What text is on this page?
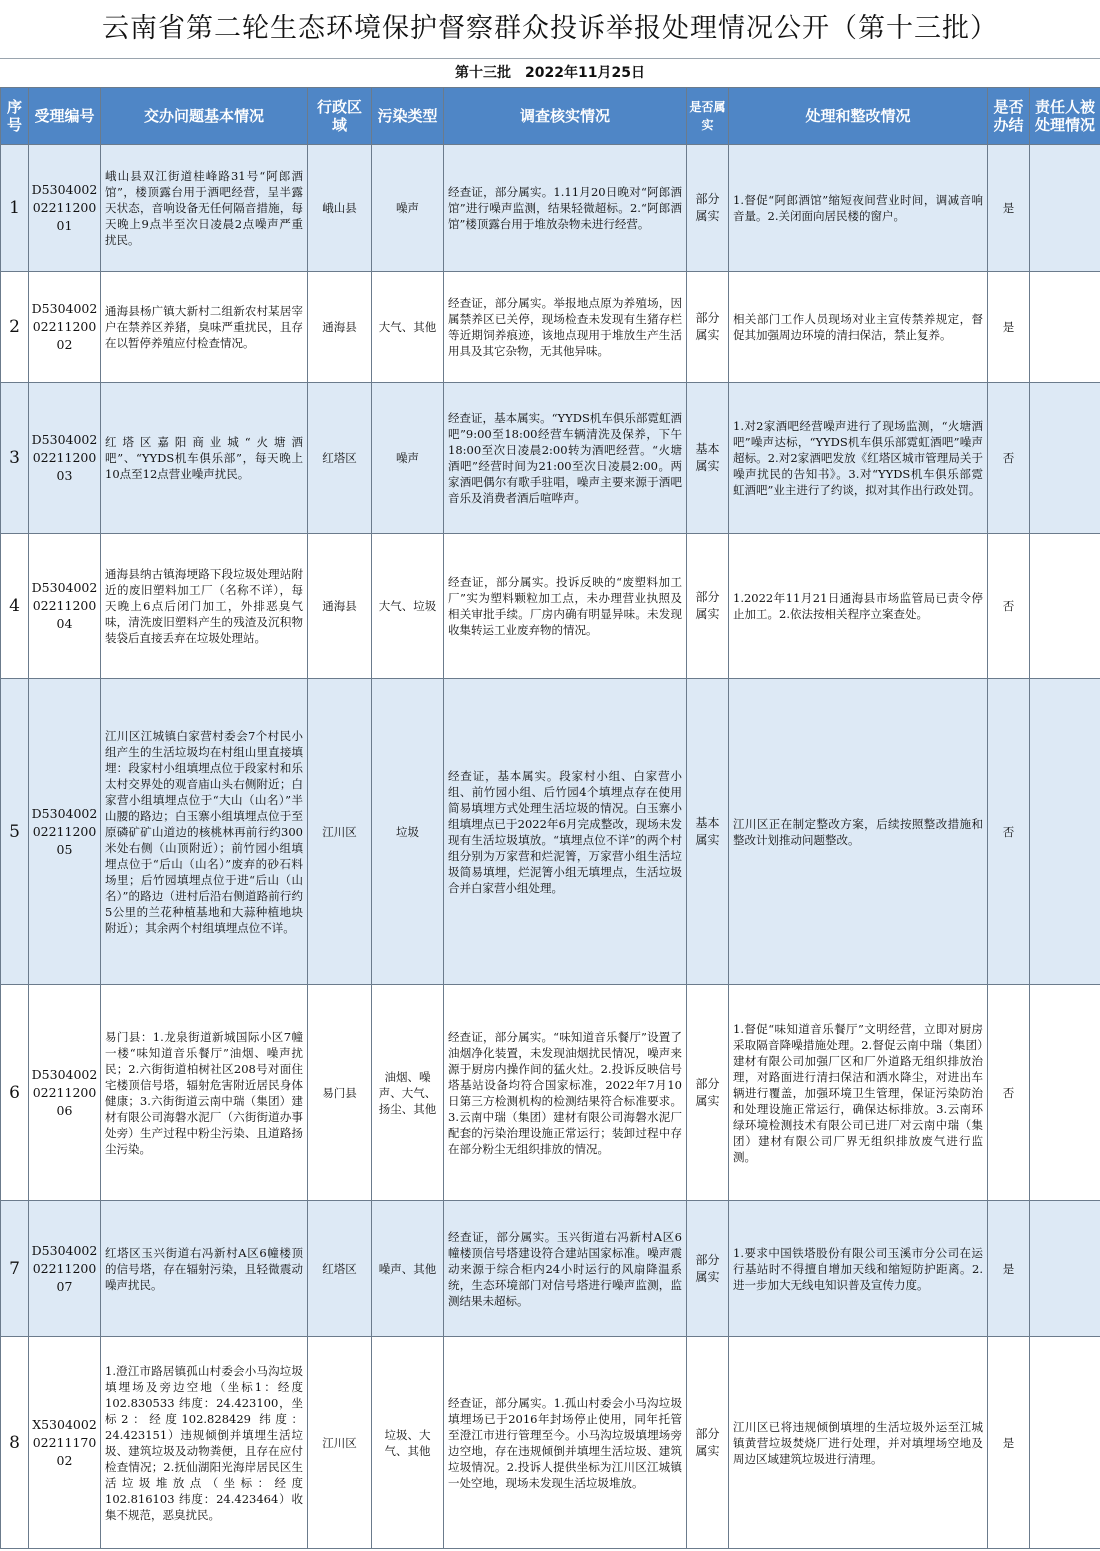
云南省第二轮生态环境保护督察群众投诉举报处理情况公开（第十三批）
第十三批　2022年11月25日
序号	受理编号	交办问题基本情况	行政区域	污染类型	调查核实情况	是否属实	处理和整改情况	是否办结	责任人被处理情况
1	D530400202211200 01	峨山县双江街道桂峰路31号“阿郎酒馆”，楼顶露台用于酒吧经营，呈半露天状态，音响设备无任何隔音措施，每天晚上9点半至次日凌晨2点噪声严重扰民。	峨山县	噪声	经查证，部分属实。1.11月20日晚对“阿郎酒馆”进行噪声监测，结果轻微超标。2.“阿郎酒馆”楼顶露台用于堆放杂物未进行经营。	部分属实	1.督促“阿郎酒馆”缩短夜间营业时间，调减音响音量。2.关闭面向居民楼的窗户。	是	
2	D530400202211200 02	通海县杨广镇大新村二组新农村某居宰户在禁养区养猪，臭味严重扰民，且存在以暂停养殖应付检查情况。	通海县	大气、其他	经查证，部分属实。举报地点原为养殖场，因属禁养区已关停，现场检查未发现有生猪存栏等近期饲养痕迹，该地点现用于堆放生产生活用具及其它杂物，无其他异味。	部分属实	相关部门工作人员现场对业主宣传禁养规定，督促其加强周边环境的清扫保洁，禁止复养。	是	
3	D530400202211200 03	红塔区嘉阳商业城“火塘酒吧”、“YYDS机车俱乐部”，每天晚上10点至12点营业噪声扰民。	红塔区	噪声	经查证，基本属实。“YYDS机车俱乐部霓虹酒吧”9:00至18:00经营车辆清洗及保养，下午18:00至次日凌晨2:00转为酒吧经营。“火塘酒吧”经营时间为21:00至次日凌晨2:00。两家酒吧偶尔有歌手驻唱，噪声主要来源于酒吧音乐及消费者酒后喧哗声。	基本属实	1.对2家酒吧经营噪声进行了现场监测，“火塘酒吧”噪声达标，“YYDS机车俱乐部霓虹酒吧”噪声超标。2.对2家酒吧发放《红塔区城市管理局关于噪声扰民的告知书》。3.对“YYDS机车俱乐部霓虹酒吧”业主进行了约谈，拟对其作出行政处罚。	否	
4	D530400202211200 04	通海县纳古镇海埂路下段垃圾处理站附近的废旧塑料加工厂（名称不详），每天晚上6点后闭门加工，外排恶臭气味，清洗废旧塑料产生的残渣及沉积物装袋后直接丢弃在垃圾处理站。	通海县	大气、垃圾	经查证，部分属实。投诉反映的“废塑料加工厂”实为塑料颗粒加工点，未办理营业执照及相关审批手续。厂房内确有明显异味。未发现收集转运工业废弃物的情况。	部分属实	1.2022年11月21日通海县市场监管局已责令停止加工。2.依法按相关程序立案查处。	否	
5	D530400202211200 05	江川区江城镇白家营村委会7个村民小组产生的生活垃圾均在村组山里直接填埋：段家村小组填埋点位于段家村和乐太村交界处的观音庙山头右侧附近；白家营小组填埋点位于“大山（山名）”半山腰的路边；白玉寨小组填埋点位于至原磷矿矿山道边的核桃林再前行约300米处右侧（山顶附近）；前竹园小组填埋点位于“后山（山名）”废弃的砂石料场里；后竹园填埋点位于进“后山（山名）”的路边（进村后沿右侧道路前行约5公里的兰花种植基地和大蒜种植地块附近）；其余两个村组填埋点位不详。	江川区	垃圾	经查证，基本属实。段家村小组、白家营小组、前竹园小组、后竹园4个填埋点存在使用简易填埋方式处理生活垃圾的情况。白玉寨小组填埋点已于2022年6月完成整改，现场未发现有生活垃圾填放。“填埋点位不详”的两个村组分别为万家营和烂泥箐，万家营小组生活垃圾简易填埋，烂泥箐小组无填埋点，生活垃圾合并白家营小组处理。	基本属实	江川区正在制定整改方案，后续按照整改措施和整改计划推动问题整改。	否	
6	D530400202211200 06	易门县：1.龙泉街道新城国际小区7幢一楼“味知道音乐餐厅”油烟、噪声扰民；2.六街街道柏树社区208号对面住宅楼顶信号塔，辐射危害附近居民身体健康；3.六街街道云南中瑞（集团）建材有限公司海磐水泥厂（六街街道办事处旁）生产过程中粉尘污染、且道路扬尘污染。	易门县	油烟、噪声、大气、扬尘、其他	经查证，部分属实。“味知道音乐餐厅”设置了油烟净化装置，未发现油烟扰民情况，噪声来源于厨房内操作间的猛火灶。2.投诉反映信号塔基站设备均符合国家标准，2022年7月10日第三方检测机构的检测结果符合标准要求。3.云南中瑞（集团）建材有限公司海磐水泥厂配套的污染治理设施正常运行；装卸过程中存在部分粉尘无组织排放的情况。	部分属实	1.督促“味知道音乐餐厅”文明经营，立即对厨房采取隔音降噪措施处理。2.督促云南中瑞（集团）建材有限公司加强厂区和厂外道路无组织排放治理，对路面进行清扫保洁和洒水降尘，对进出车辆进行覆盖，加强环境卫生管理，保证污染防治和处理设施正常运行，确保达标排放。3.云南环绿环境检测技术有限公司已进厂对云南中瑞（集团）建材有限公司厂界无组织排放废气进行监测。	否	
7	D530400202211200 07	红塔区玉兴街道右冯新村A区6幢楼顶的信号塔，存在辐射污染，且轻微震动噪声扰民。	红塔区	噪声、其他	经查证，部分属实。玉兴街道右冯新村A区6幢楼顶信号塔建设符合建站国家标准。噪声震动来源于综合柜内24小时运行的风扇降温系统，生态环境部门对信号塔进行噪声监测，监测结果未超标。	部分属实	1.要求中国铁塔股份有限公司玉溪市分公司在运行基站时不得擅自增加天线和缩短防护距离。2.进一步加大无线电知识普及宣传力度。	是	
8	X530400202211170 02	1.澄江市路居镇孤山村委会小马沟垃圾填埋场及旁边空地（坐标1：经度102.830533 纬度：24.423100，坐标2：经度102.828429 纬度：24.423151）违规倾倒并填埋生活垃圾、建筑垃圾及动物粪便，且存在应付检查情况；2.抚仙湖阳光海岸居民区生活垃圾堆放点（坐标：经度102.816103 纬度：24.423464）收集不规范，恶臭扰民。	江川区	垃圾、大气、其他	经查证，部分属实。1.孤山村委会小马沟垃圾填埋场已于2016年封场停止使用，同年托管至澄江市进行管理至今。小马沟垃圾填埋场旁边空地，存在违规倾倒并填埋生活垃圾、建筑垃圾情况。2.投诉人提供坐标为江川区江城镇一处空地，现场未发现生活垃圾堆放。	部分属实	江川区已将违规倾倒填埋的生活垃圾外运至江城镇黄营垃圾焚烧厂进行处理，并对填埋场空地及周边区域建筑垃圾进行清理。	是	
